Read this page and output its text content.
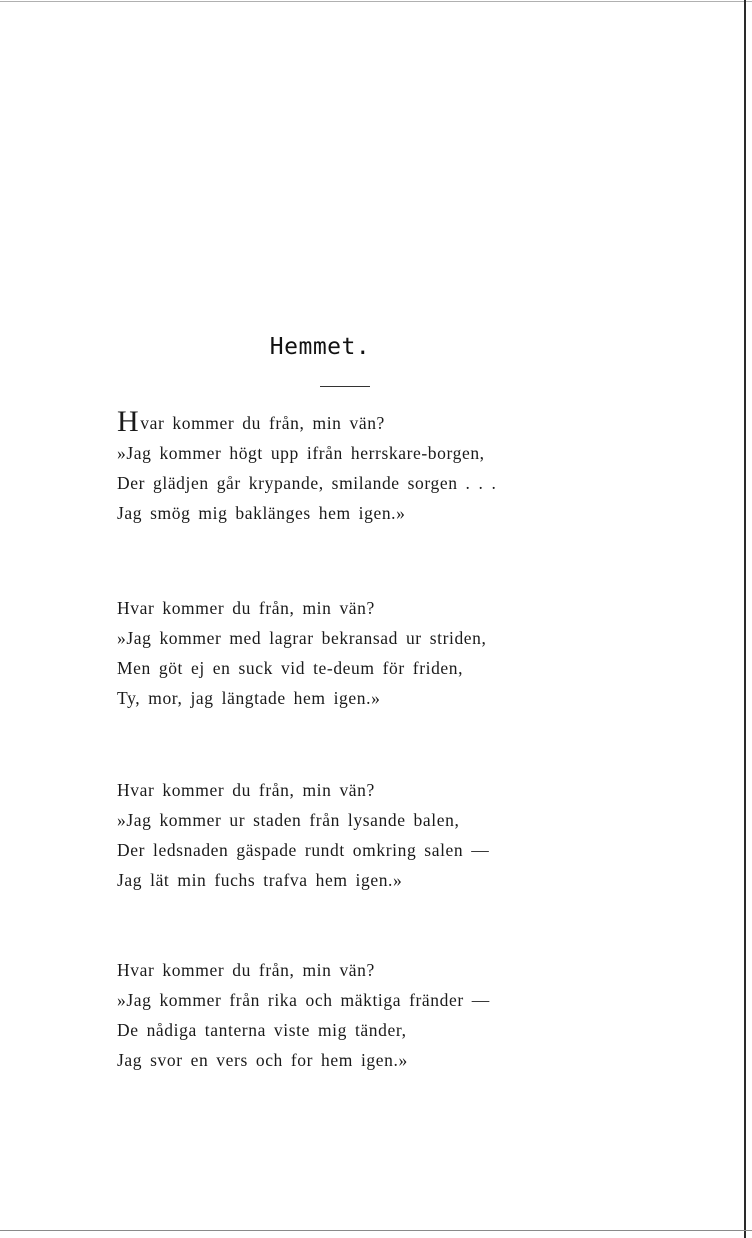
Hemmet.
Hvar kommer du från, min vän?
»Jag kommer högt upp ifrån herrskare-borgen,
Der glädjen går krypande, smilande sorgen . . .
Jag smög mig baklänges hem igen.»
Hvar kommer du från, min vän?
»Jag kommer med lagrar bekransad ur striden,
Men göt ej en suck vid te-deum för friden,
Ty, mor, jag längtade hem igen.»
Hvar kommer du från, min vän?
»Jag kommer ur staden från lysande balen,
Der ledsnaden gäspade rundt omkring salen —
Jag lät min fuchs trafva hem igen.»
Hvar kommer du från, min vän?
»Jag kommer från rika och mäktiga fränder —
De nådiga tanterna viste mig tänder,
Jag svor en vers och for hem igen.»
